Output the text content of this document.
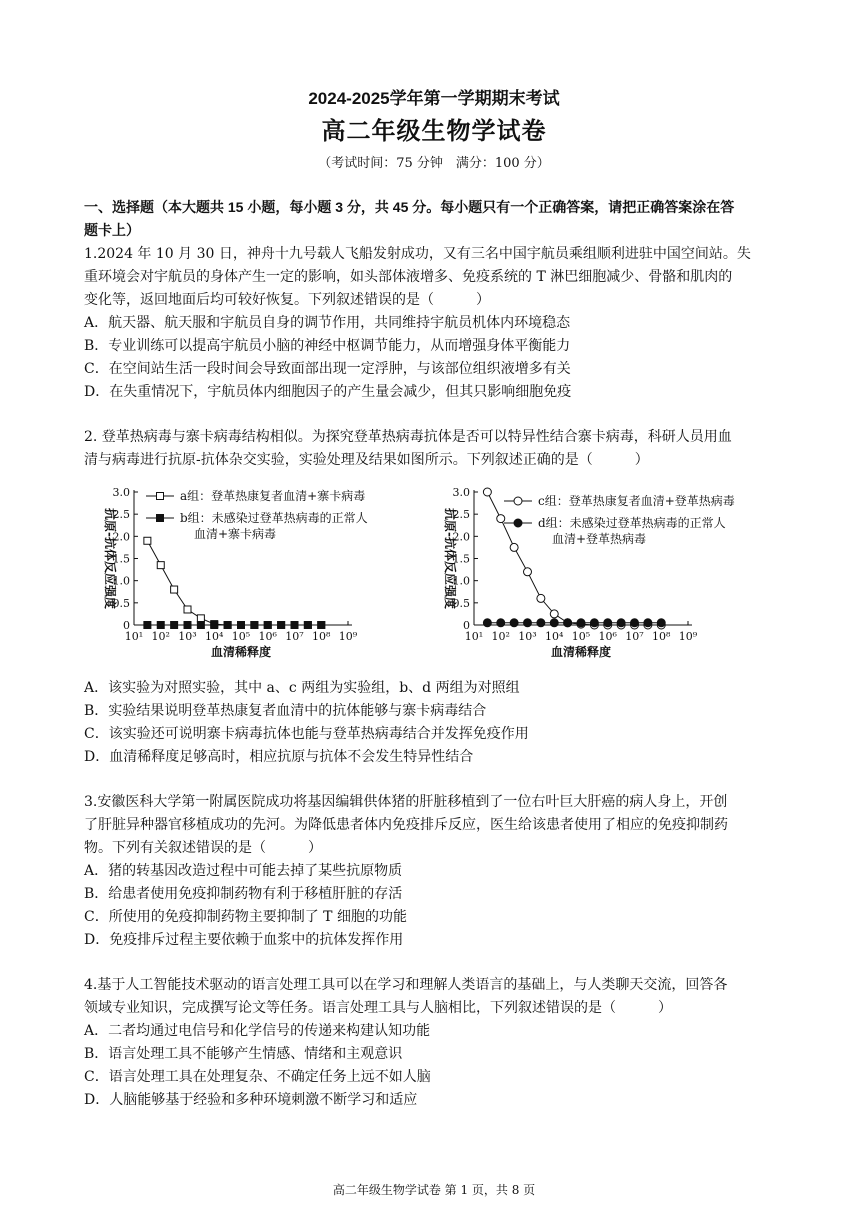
2024-2025学年第一学期期末考试
高二年级生物学试卷
（考试时间：75 分钟　满分：100 分）
一、选择题（本大题共 15 小题，每小题 3 分，共 45 分。每小题只有一个正确答案，请把正确答案涂在答
题卡上）
1.2024 年 10 月 30 日，神舟十九号载人飞船发射成功，又有三名中国宇航员乘组顺利进驻中国空间站。失
重环境会对宇航员的身体产生一定的影响，如头部体液增多、免疫系统的 T 淋巴细胞减少、骨骼和肌肉的
变化等，返回地面后均可较好恢复。下列叙述错误的是（　　　）
A．航天器、航天服和宇航员自身的调节作用，共同维持宇航员机体内环境稳态
B．专业训练可以提高宇航员小脑的神经中枢调节能力，从而增强身体平衡能力
C．在空间站生活一段时间会导致面部出现一定浮肿，与该部位组织液增多有关
D．在失重情况下，宇航员体内细胞因子的产生量会减少，但其只影响细胞免疫
2. 登革热病毒与寨卡病毒结构相似。为探究登革热病毒抗体是否可以特异性结合寨卡病毒，科研人员用血
清与病毒进行抗原-抗体杂交实验，实验处理及结果如图所示。下列叙述正确的是（　　　）
0
0.5
1.0
1.5
2.0
2.5
3.0
10¹ 10² 10³ 10⁴ 10⁵ 10⁶ 10⁷ 10⁸ 10⁹
血清稀释度
抗原-抗体反应强度
a组：登革热康复者血清+寨卡病毒
b组：未感染过登革热病毒的正常人
血清+寨卡病毒
0
0.5
1.0
1.5
2.0
2.5
3.0
10¹ 10² 10³ 10⁴ 10⁵ 10⁶ 10⁷ 10⁸ 10⁹
血清稀释度
抗原-抗体反应强度
c组：登革热康复者血清+登革热病毒
d组：未感染过登革热病毒的正常人
血清+登革热病毒
A．该实验为对照实验，其中 a、c 两组为实验组，b、d 两组为对照组
B．实验结果说明登革热康复者血清中的抗体能够与寨卡病毒结合
C．该实验还可说明寨卡病毒抗体也能与登革热病毒结合并发挥免疫作用
D．血清稀释度足够高时，相应抗原与抗体不会发生特异性结合
3.安徽医科大学第一附属医院成功将基因编辑供体猪的肝脏移植到了一位右叶巨大肝癌的病人身上，开创
了肝脏异种器官移植成功的先河。为降低患者体内免疫排斥反应，医生给该患者使用了相应的免疫抑制药
物。下列有关叙述错误的是（　　　）
A．猪的转基因改造过程中可能去掉了某些抗原物质
B．给患者使用免疫抑制药物有利于移植肝脏的存活
C．所使用的免疫抑制药物主要抑制了 T 细胞的功能
D．免疫排斥过程主要依赖于血浆中的抗体发挥作用
4.基于人工智能技术驱动的语言处理工具可以在学习和理解人类语言的基础上，与人类聊天交流，回答各
领域专业知识，完成撰写论文等任务。语言处理工具与人脑相比，下列叙述错误的是（　　　）
A．二者均通过电信号和化学信号的传递来构建认知功能
B．语言处理工具不能够产生情感、情绪和主观意识
C．语言处理工具在处理复杂、不确定任务上远不如人脑
D．人脑能够基于经验和多种环境刺激不断学习和适应
高二年级生物学试卷 第 1 页，共 8 页
